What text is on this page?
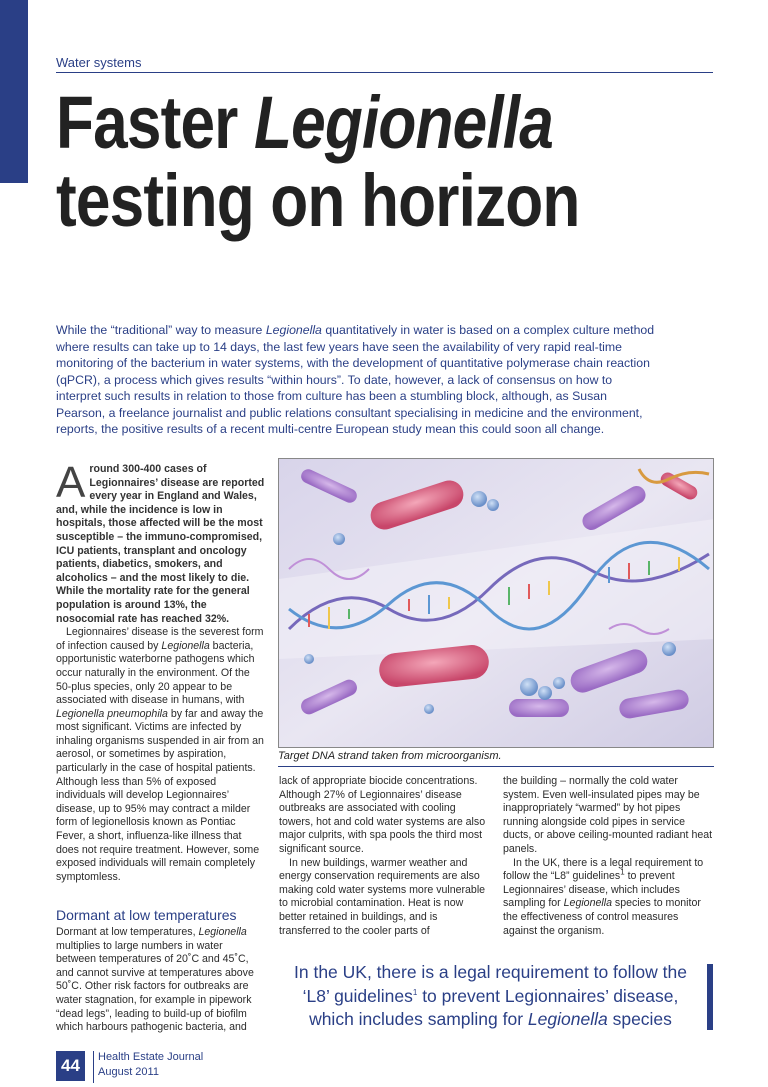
Water systems
Faster Legionella
testing on horizon
While the “traditional” way to measure Legionella quantitatively in water is based on a complex culture method where results can take up to 14 days, the last few years have seen the availability of very rapid real-time monitoring of the bacterium in water systems, with the development of quantitative polymerase chain reaction (qPCR), a process which gives results “within hours”. To date, however, a lack of consensus on how to interpret such results in relation to those from culture has been a stumbling block, although, as Susan Pearson, a freelance journalist and public relations consultant specialising in medicine and the environment, reports, the positive results of a recent multi-centre European study mean this could soon all change.
Around 300-400 cases of Legionnaires’ disease are reported every year in England and Wales, and, while the incidence is low in hospitals, those affected will be the most susceptible – the immuno-compromised, ICU patients, transplant and oncology patients, diabetics, smokers, and alcoholics – and the most likely to die. While the mortality rate for the general population is around 13%, the nosocomial rate has reached 32%.
Legionnaires’ disease is the severest form of infection caused by Legionella bacteria, opportunistic waterborne pathogens which occur naturally in the environment. Of the 50-plus species, only 20 appear to be associated with disease in humans, with Legionella pneumophila by far and away the most significant. Victims are infected by inhaling organisms suspended in air from an aerosol, or sometimes by aspiration, particularly in the case of hospital patients. Although less than 5% of exposed individuals will develop Legionnaires’ disease, up to 95% may contract a milder form of legionellosis known as Pontiac Fever, a short, influenza-like illness that does not require treatment. However, some exposed individuals will remain completely symptomless.
Dormant at low temperatures
Dormant at low temperatures, Legionella multiplies to large numbers in water between temperatures of 20˚C and 45˚C, and cannot survive at temperatures above 50˚C. Other risk factors for outbreaks are water stagnation, for example in pipework “dead legs”, leading to build-up of biofilm which harbours pathogenic bacteria, and
Target DNA strand taken from microorganism.
lack of appropriate biocide concentrations. Although 27% of Legionnaires’ disease outbreaks are associated with cooling towers, hot and cold water systems are also major culprits, with spa pools the third most significant source.
In new buildings, warmer weather and energy conservation requirements are also making cold water systems more vulnerable to microbial contamination. Heat is now better retained in buildings, and is transferred to the cooler parts of
the building – normally the cold water system. Even well-insulated pipes may be inappropriately “warmed” by hot pipes running alongside cold pipes in service ducts, or above ceiling-mounted radiant heat panels.
In the UK, there is a legal requirement to follow the “L8” guidelines$^1$ to prevent Legionnaires’ disease, which includes sampling for Legionella species to monitor the effectiveness of control measures against the organism.
In the UK, there is a legal requirement to follow the ‘L8’ guidelines$^1$ to prevent Legionnaires’ disease, which includes sampling for Legionella species
44	Health Estate Journal
August 2011
